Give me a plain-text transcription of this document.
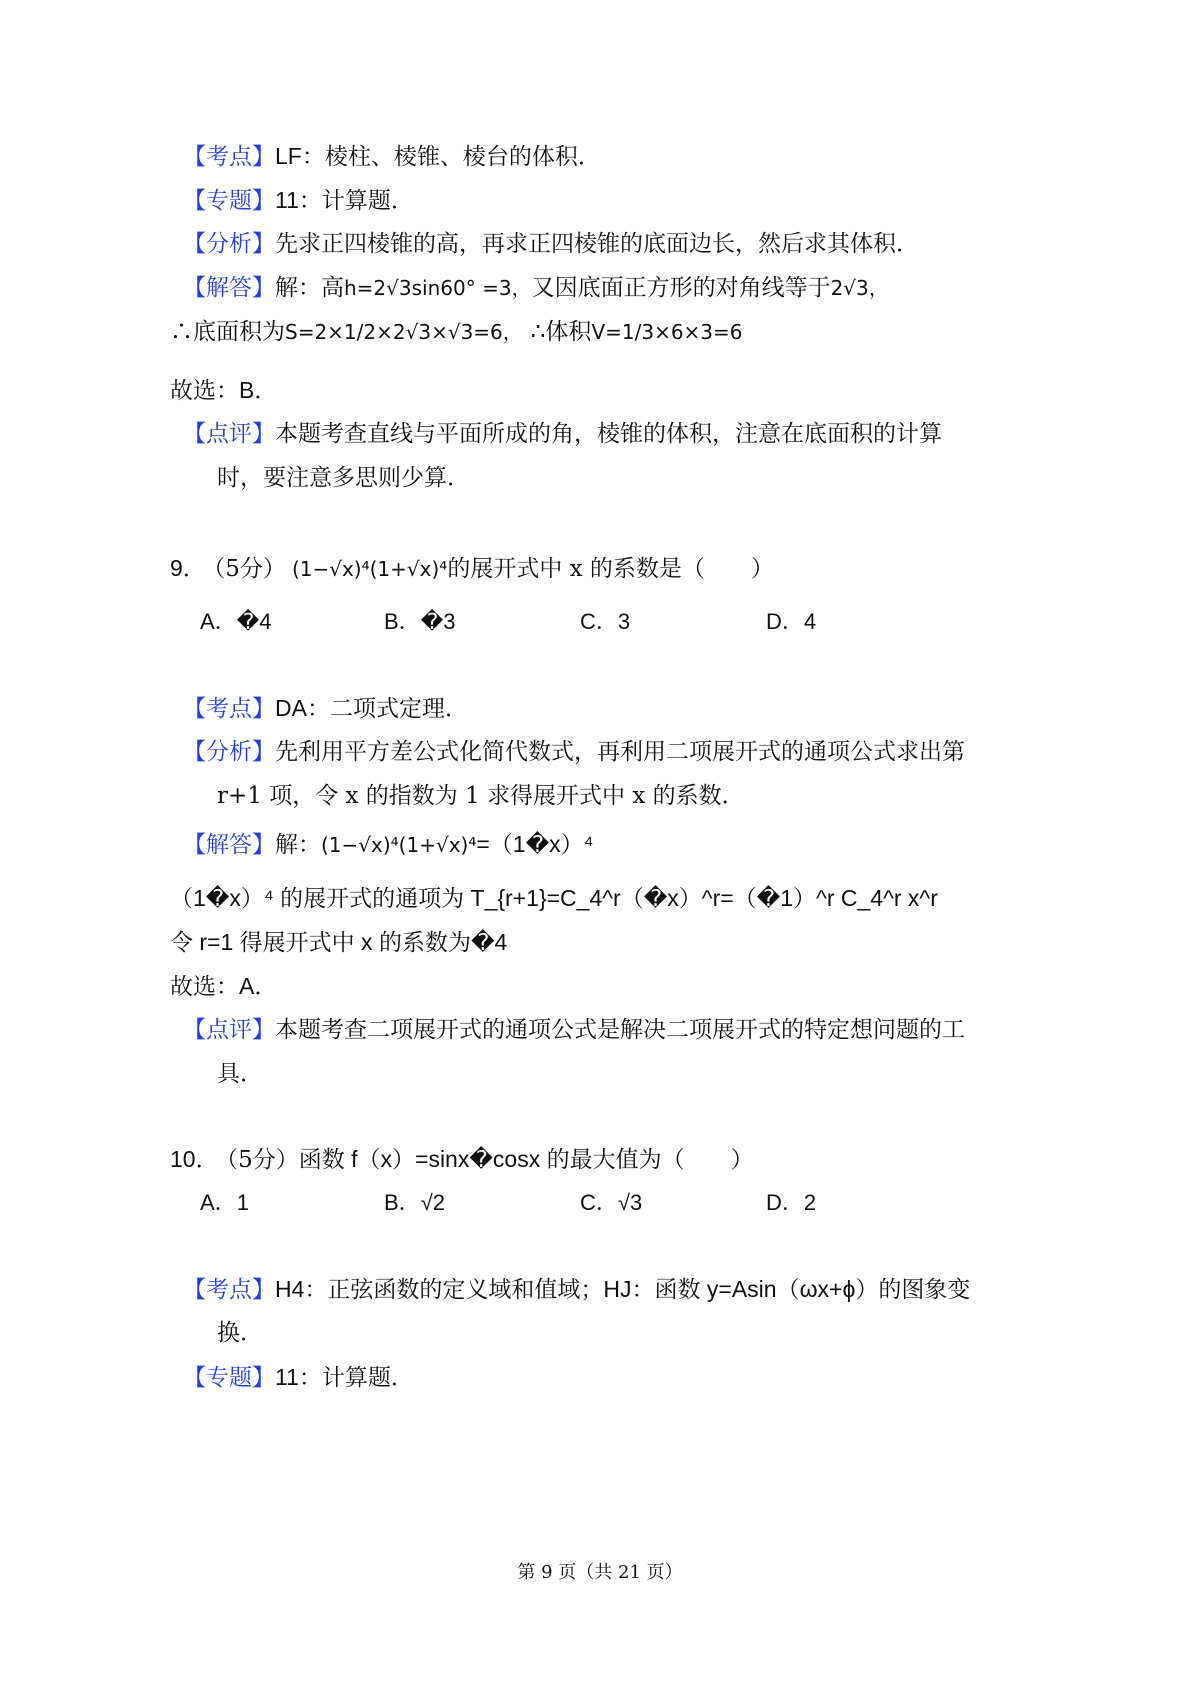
【考点】LF：棱柱、棱锥、棱台的体积．
【专题】11：计算题．
【分析】先求正四棱锥的高，再求正四棱锥的底面边长，然后求其体积．
【解答】解：高h=2√3sin60° =3，又因底面正方形的对角线等于2√3，
∴底面积为S=2×1/2×2√3×√3=6， ∴体积V=1/3×6×3=6
故选：B．
【点评】本题考查直线与平面所成的角，棱锥的体积，注意在底面积的计算
时，要注意多思则少算．
9． （5分） (1−√x)⁴(1+√x)⁴的展开式中 x 的系数是（　　）
A．�4	B．�3	C．3	D．4
【考点】DA：二项式定理．
【分析】先利用平方差公式化简代数式，再利用二项展开式的通项公式求出第
r+1 项，令 x 的指数为 1 求得展开式中 x 的系数．
【解答】解：(1−√x)⁴(1+√x)⁴=（1�x）⁴
（1�x）⁴ 的展开式的通项为 T_{r+1}=C_4^r（�x）^r=（�1）^r C_4^r x^r
令 r=1 得展开式中 x 的系数为�4
故选：A．
【点评】本题考查二项展开式的通项公式是解决二项展开式的特定想问题的工
具．
10． （5分）函数 f（x）=sinx�cosx 的最大值为（　　）
A．1	B．√2	C．√3	D．2
【考点】H4：正弦函数的定义域和值域；HJ：函数 y=Asin（ωx+ϕ）的图象变
换．
【专题】11：计算题．
第 9 页（共 21 页）
